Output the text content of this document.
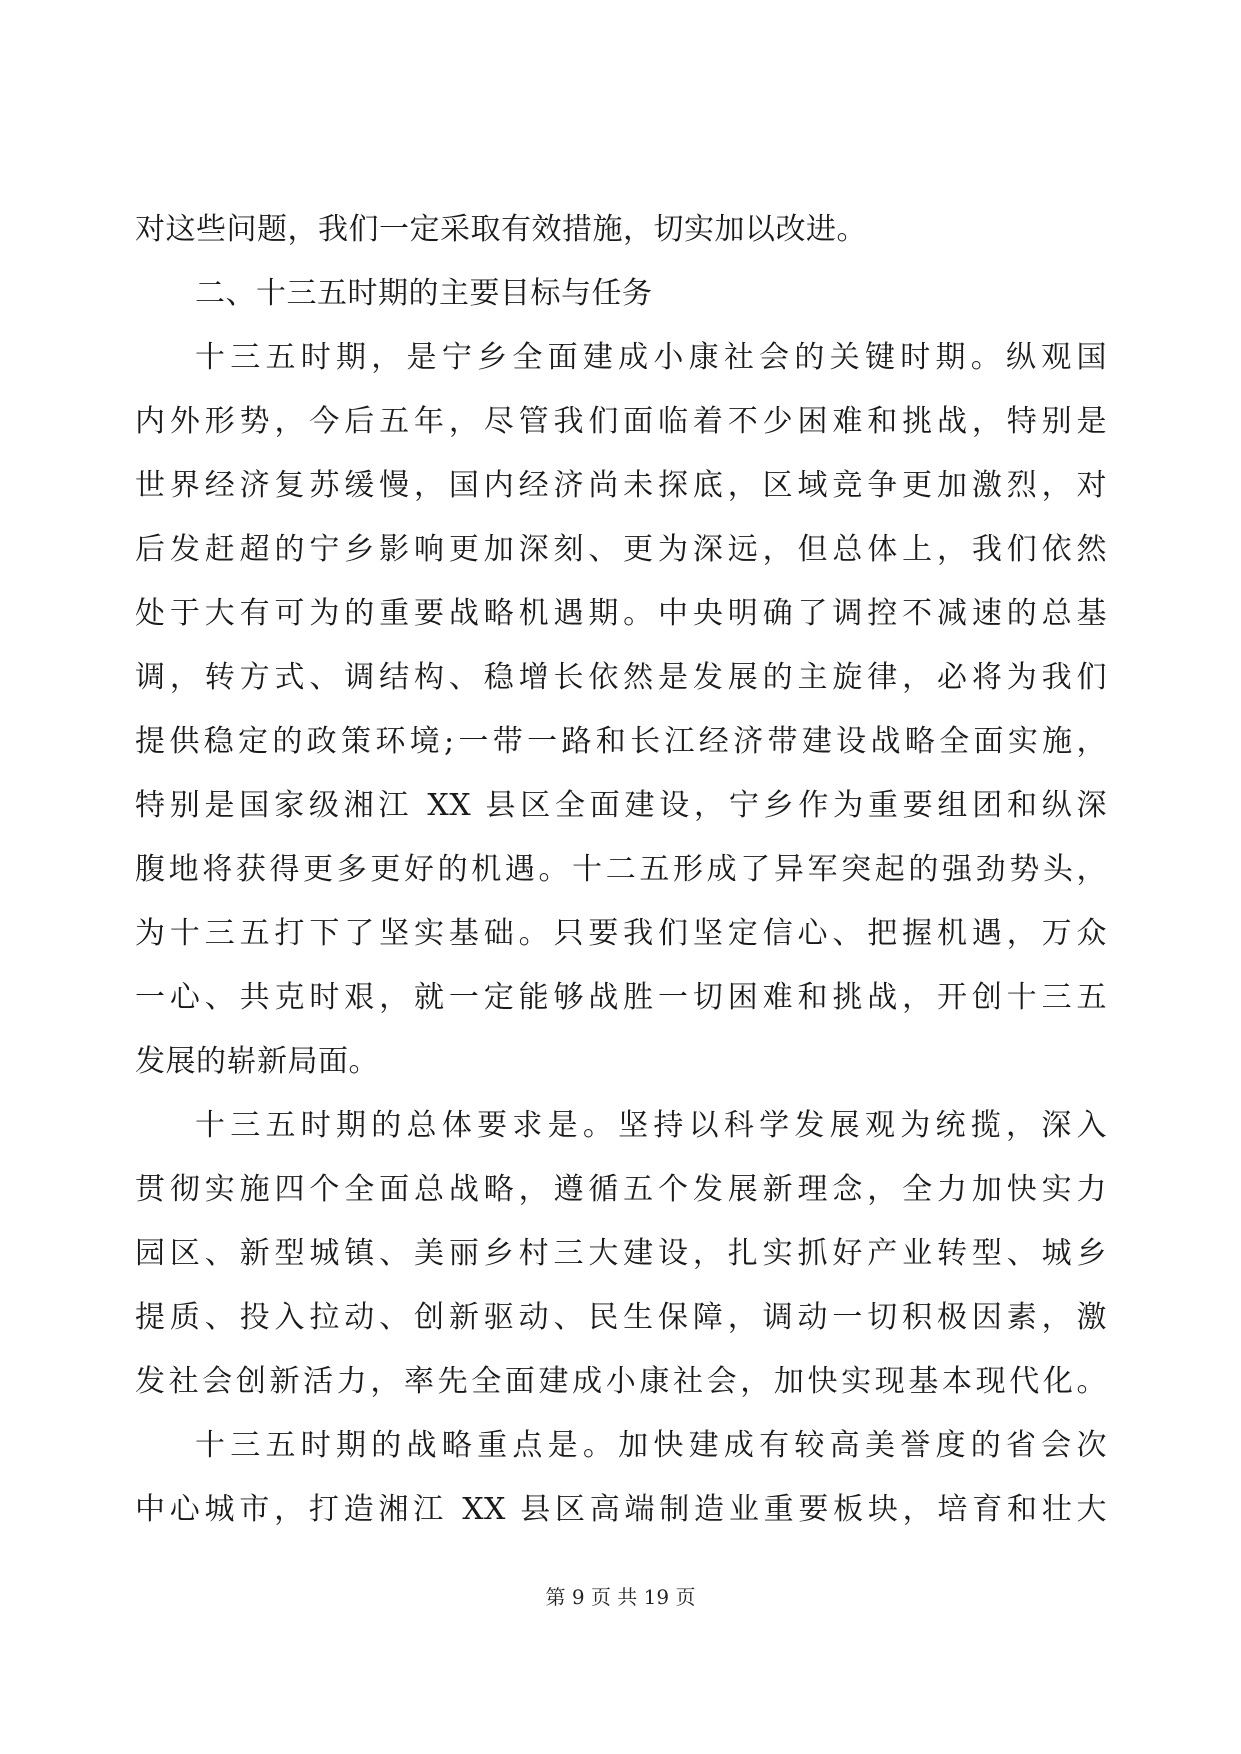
对这些问题，我们一定采取有效措施，切实加以改进。
二、十三五时期的主要目标与任务
十三五时期，是宁乡全面建成小康社会的关键时期。纵观国
内外形势，今后五年，尽管我们面临着不少困难和挑战，特别是
世界经济复苏缓慢，国内经济尚未探底，区域竞争更加激烈，对
后发赶超的宁乡影响更加深刻、更为深远，但总体上，我们依然
处于大有可为的重要战略机遇期。中央明确了调控不减速的总基
调，转方式、调结构、稳增长依然是发展的主旋律，必将为我们
提供稳定的政策环境;一带一路和长江经济带建设战略全面实施，
特别是国家级湘江 XX 县区全面建设，宁乡作为重要组团和纵深
腹地将获得更多更好的机遇。十二五形成了异军突起的强劲势头，
为十三五打下了坚实基础。只要我们坚定信心、把握机遇，万众
一心、共克时艰，就一定能够战胜一切困难和挑战，开创十三五
发展的崭新局面。
十三五时期的总体要求是。坚持以科学发展观为统揽，深入
贯彻实施四个全面总战略，遵循五个发展新理念，全力加快实力
园区、新型城镇、美丽乡村三大建设，扎实抓好产业转型、城乡
提质、投入拉动、创新驱动、民生保障，调动一切积极因素，激
发社会创新活力，率先全面建成小康社会，加快实现基本现代化。
十三五时期的战略重点是。加快建成有较高美誉度的省会次
中心城市，打造湘江 XX 县区高端制造业重要板块，培育和壮大
第 9 页 共 19 页
